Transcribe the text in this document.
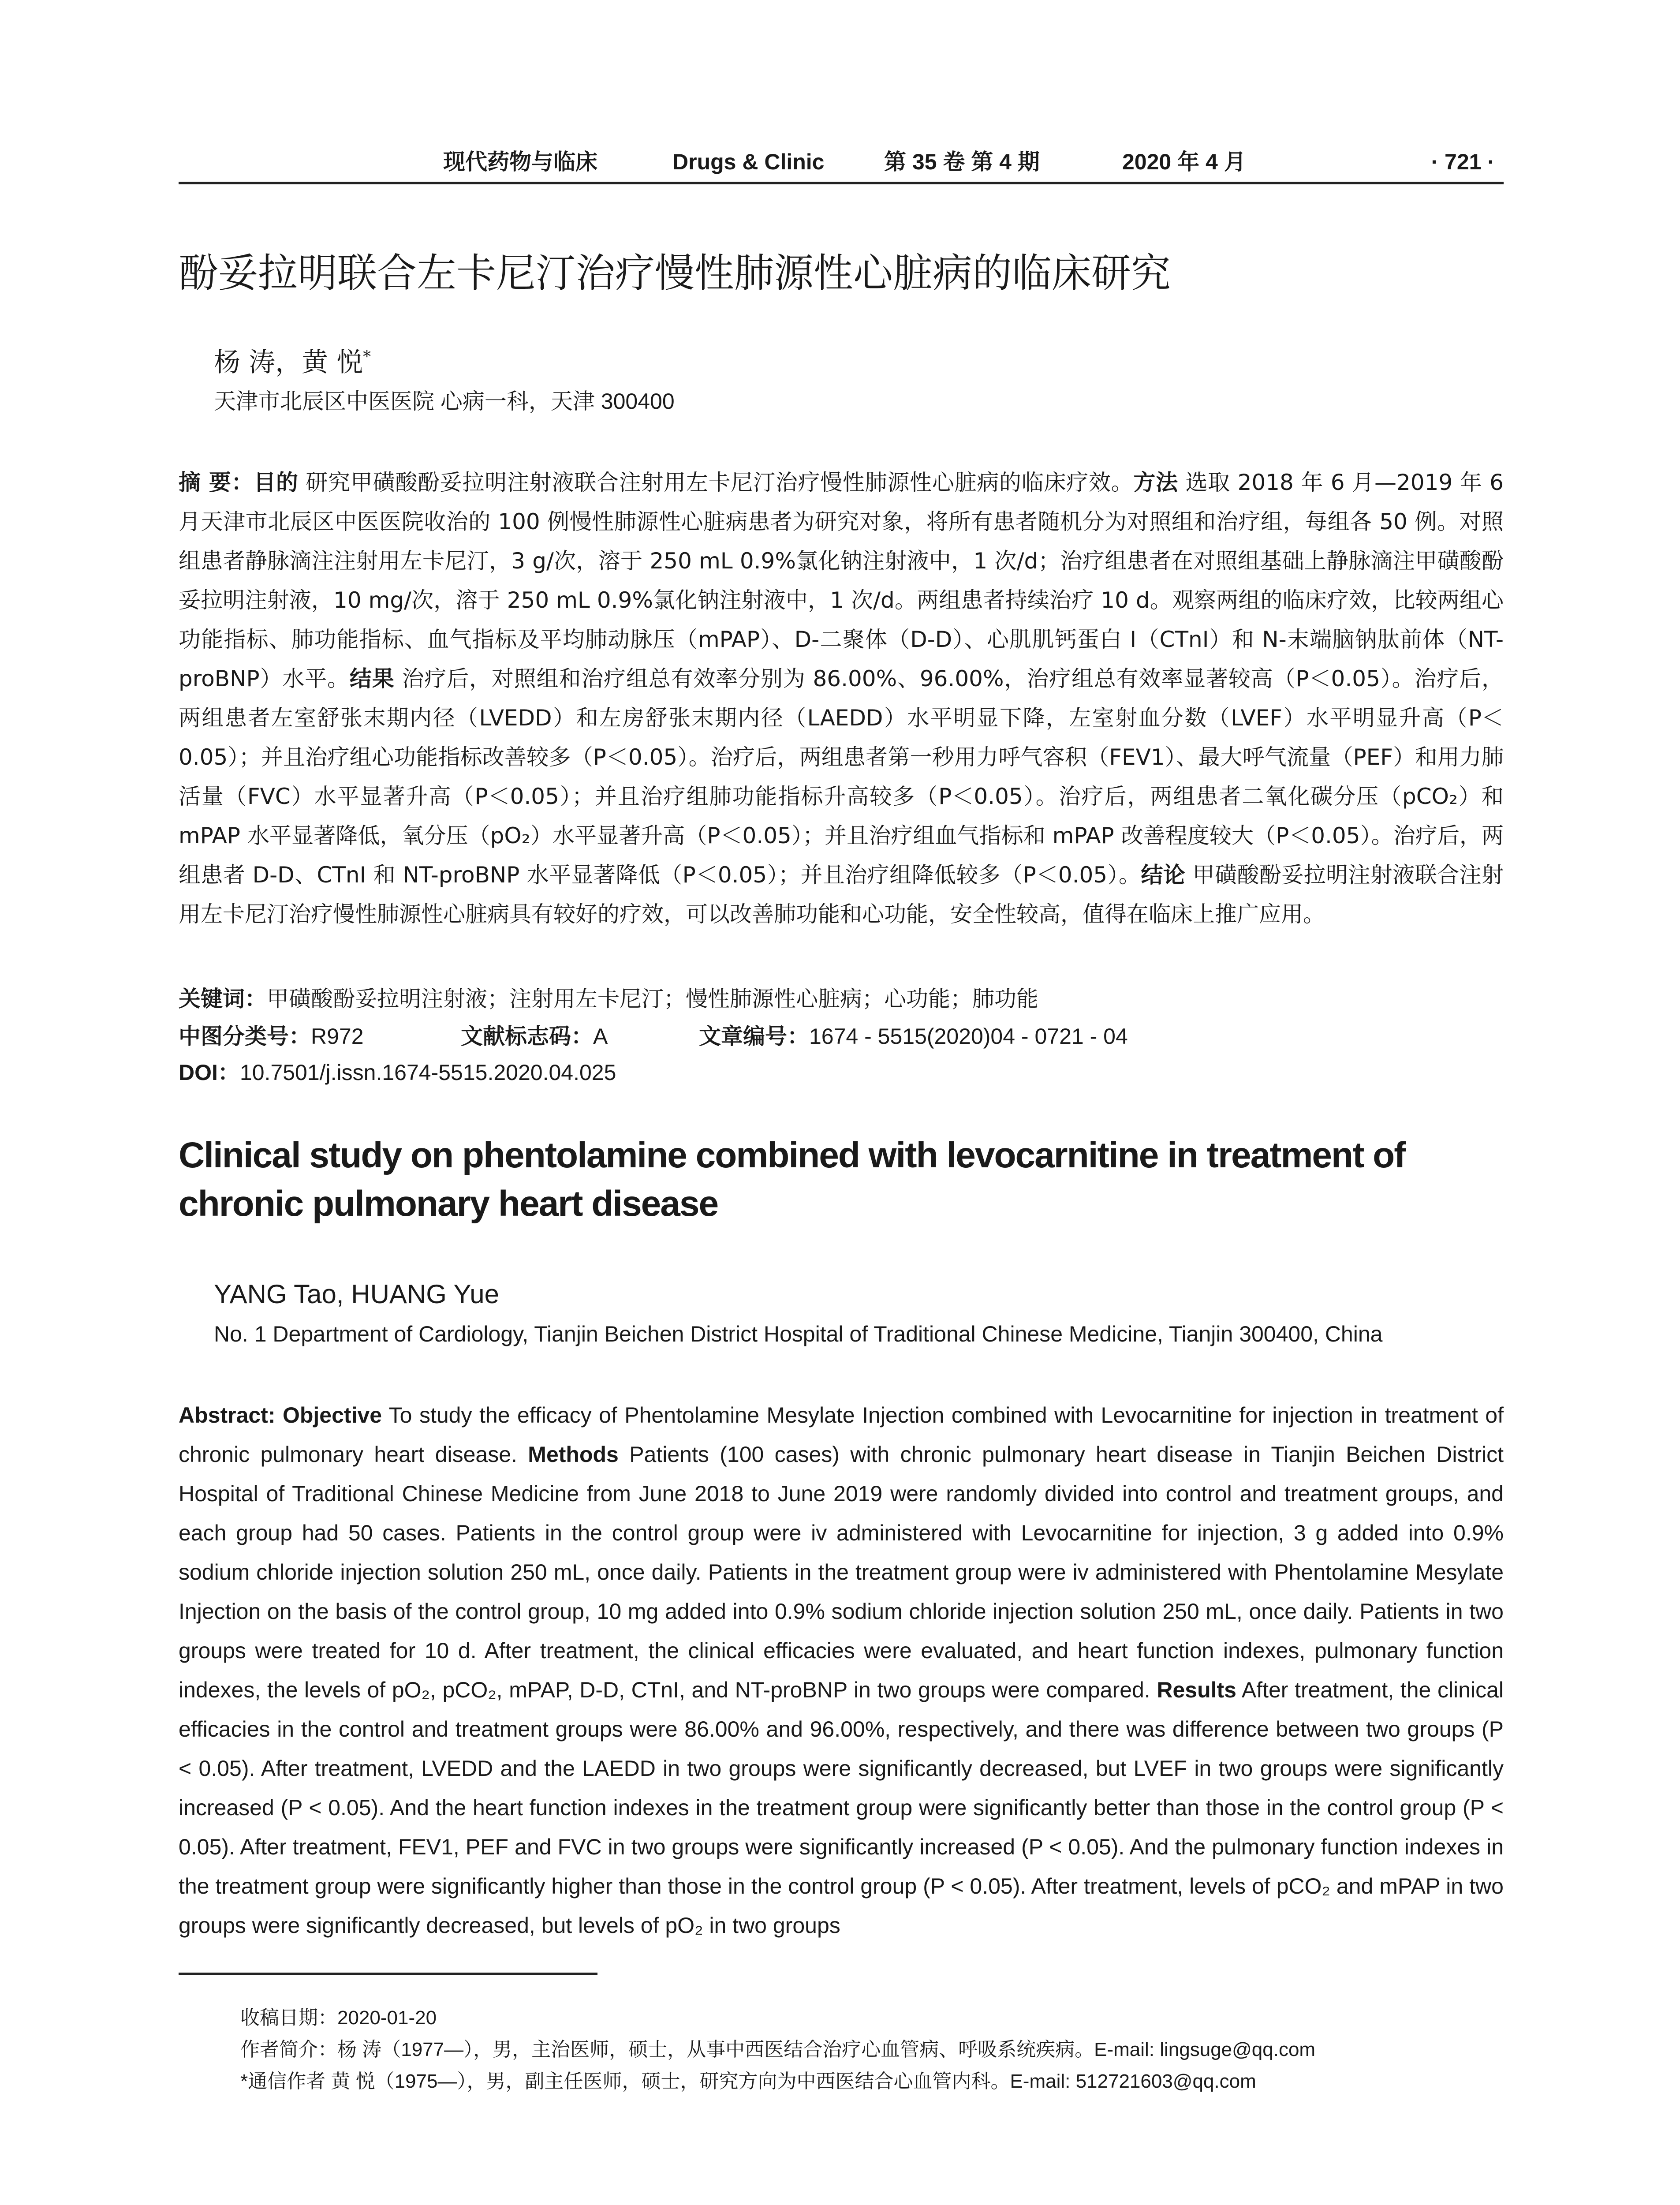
现代药物与临床	Drugs & Clinic	第 35 卷 第 4 期	2020 年 4 月	· 721 ·
酚妥拉明联合左卡尼汀治疗慢性肺源性心脏病的临床研究
杨 涛，黄 悦*
天津市北辰区中医医院 心病一科，天津 300400
摘 要：目的 研究甲磺酸酚妥拉明注射液联合注射用左卡尼汀治疗慢性肺源性心脏病的临床疗效。方法 选取 2018 年 6 月—2019 年 6 月天津市北辰区中医医院收治的 100 例慢性肺源性心脏病患者为研究对象，将所有患者随机分为对照组和治疗组，每组各 50 例。对照组患者静脉滴注注射用左卡尼汀，3 g/次，溶于 250 mL 0.9%氯化钠注射液中，1 次/d；治疗组患者在对照组基础上静脉滴注甲磺酸酚妥拉明注射液，10 mg/次，溶于 250 mL 0.9%氯化钠注射液中，1 次/d。两组患者持续治疗 10 d。观察两组的临床疗效，比较两组心功能指标、肺功能指标、血气指标及平均肺动脉压（mPAP）、D-二聚体（D-D）、心肌肌钙蛋白 I（CTnI）和 N-末端脑钠肽前体（NT-proBNP）水平。结果 治疗后，对照组和治疗组总有效率分别为 86.00%、96.00%，治疗组总有效率显著较高（P＜0.05）。治疗后，两组患者左室舒张末期内径（LVEDD）和左房舒张末期内径（LAEDD）水平明显下降，左室射血分数（LVEF）水平明显升高（P＜0.05）；并且治疗组心功能指标改善较多（P＜0.05）。治疗后，两组患者第一秒用力呼气容积（FEV1）、最大呼气流量（PEF）和用力肺活量（FVC）水平显著升高（P＜0.05）；并且治疗组肺功能指标升高较多（P＜0.05）。治疗后，两组患者二氧化碳分压（pCO₂）和 mPAP 水平显著降低，氧分压（pO₂）水平显著升高（P＜0.05）；并且治疗组血气指标和 mPAP 改善程度较大（P＜0.05）。治疗后，两组患者 D-D、CTnI 和 NT-proBNP 水平显著降低（P＜0.05）；并且治疗组降低较多（P＜0.05）。结论 甲磺酸酚妥拉明注射液联合注射用左卡尼汀治疗慢性肺源性心脏病具有较好的疗效，可以改善肺功能和心功能，安全性较高，值得在临床上推广应用。
关键词：甲磺酸酚妥拉明注射液；注射用左卡尼汀；慢性肺源性心脏病；心功能；肺功能
中图分类号：R972	文献标志码：A	文章编号：1674 - 5515(2020)04 - 0721 - 04
DOI：10.7501/j.issn.1674-5515.2020.04.025
Clinical study on phentolamine combined with levocarnitine in treatment of chronic pulmonary heart disease
YANG Tao, HUANG Yue
No. 1 Department of Cardiology, Tianjin Beichen District Hospital of Traditional Chinese Medicine, Tianjin 300400, China
Abstract: Objective To study the efficacy of Phentolamine Mesylate Injection combined with Levocarnitine for injection in treatment of chronic pulmonary heart disease. Methods Patients (100 cases) with chronic pulmonary heart disease in Tianjin Beichen District Hospital of Traditional Chinese Medicine from June 2018 to June 2019 were randomly divided into control and treatment groups, and each group had 50 cases. Patients in the control group were iv administered with Levocarnitine for injection, 3 g added into 0.9% sodium chloride injection solution 250 mL, once daily. Patients in the treatment group were iv administered with Phentolamine Mesylate Injection on the basis of the control group, 10 mg added into 0.9% sodium chloride injection solution 250 mL, once daily. Patients in two groups were treated for 10 d. After treatment, the clinical efficacies were evaluated, and heart function indexes, pulmonary function indexes, the levels of pO₂, pCO₂, mPAP, D-D, CTnI, and NT-proBNP in two groups were compared. Results After treatment, the clinical efficacies in the control and treatment groups were 86.00% and 96.00%, respectively, and there was difference between two groups (P < 0.05). After treatment, LVEDD and the LAEDD in two groups were significantly decreased, but LVEF in two groups were significantly increased (P < 0.05). And the heart function indexes in the treatment group were significantly better than those in the control group (P < 0.05). After treatment, FEV1, PEF and FVC in two groups were significantly increased (P < 0.05). And the pulmonary function indexes in the treatment group were significantly higher than those in the control group (P < 0.05). After treatment, levels of pCO₂ and mPAP in two groups were significantly decreased, but levels of pO₂ in two groups
收稿日期：2020-01-20
作者简介：杨 涛（1977—），男，主治医师，硕士，从事中西医结合治疗心血管病、呼吸系统疾病。E-mail: lingsuge@qq.com
*通信作者 黄 悦（1975—），男，副主任医师，硕士，研究方向为中西医结合心血管内科。E-mail: 512721603@qq.com
